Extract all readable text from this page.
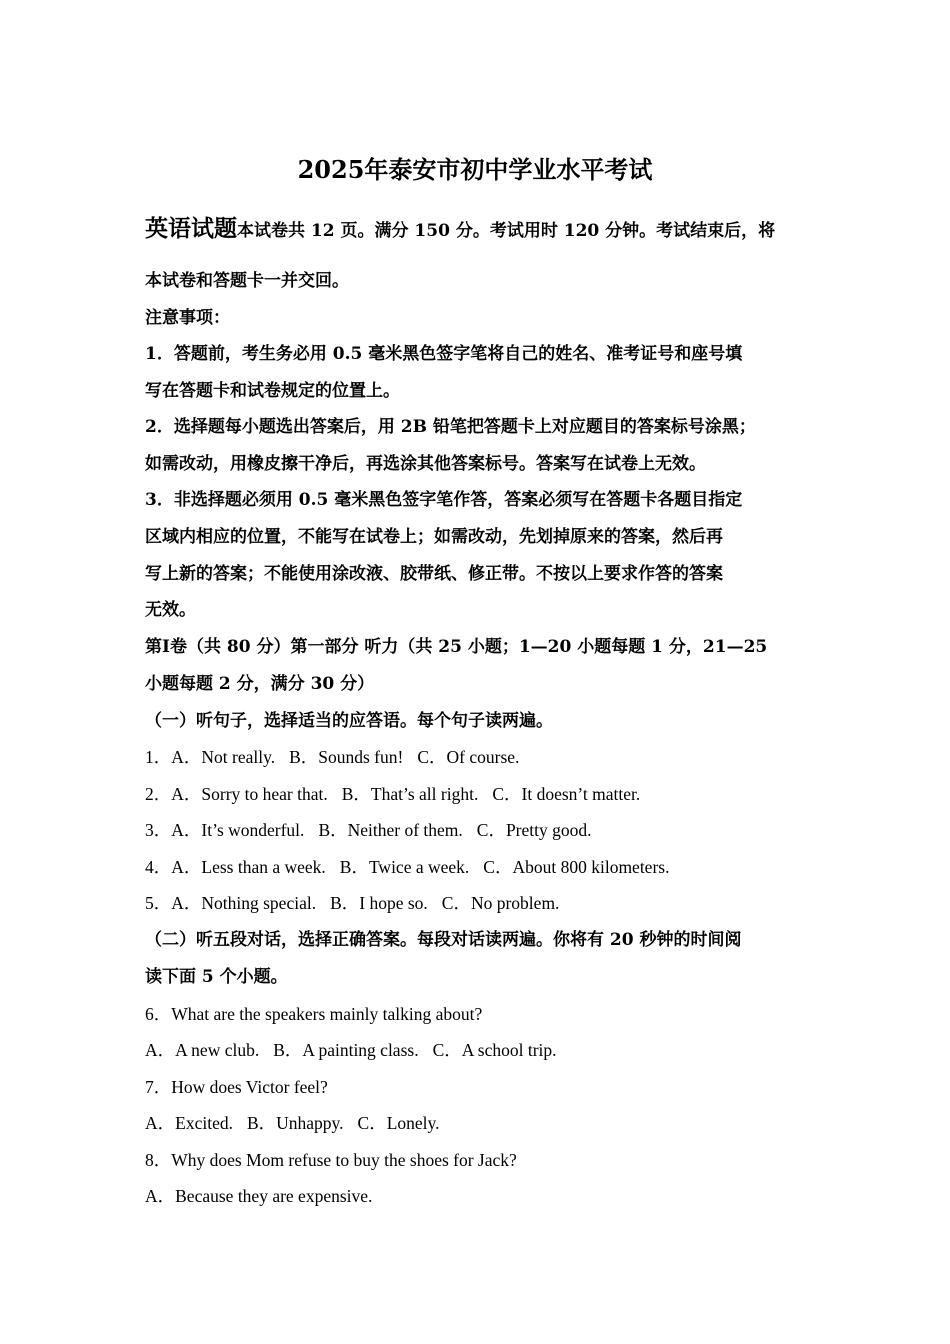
2025年泰安市初中学业水平考试
英语试题本试卷共 12 页。满分 150 分。考试用时 120 分钟。考试结束后，将
本试卷和答题卡一并交回。
注意事项：
1．答题前，考生务必用 0.5 毫米黑色签字笔将自己的姓名、准考证号和座号填
写在答题卡和试卷规定的位置上。
2．选择题每小题选出答案后，用 2B 铅笔把答题卡上对应题目的答案标号涂黑；
如需改动，用橡皮擦干净后，再选涂其他答案标号。答案写在试卷上无效。
3．非选择题必须用 0.5 毫米黑色签字笔作答，答案必须写在答题卡各题目指定
区域内相应的位置，不能写在试卷上；如需改动，先划掉原来的答案，然后再
写上新的答案；不能使用涂改液、胶带纸、修正带。不按以上要求作答的答案
无效。
第Ⅰ卷（共 80 分）第一部分 听力（共 25 小题；1—20 小题每题 1 分，21—25
小题每题 2 分，满分 30 分）
（一）听句子，选择适当的应答语。每个句子读两遍。
1．A．Not really. B．Sounds fun! C．Of course.
2．A．Sorry to hear that. B．That’s all right. C．It doesn’t matter.
3．A．It’s wonderful. B．Neither of them. C．Pretty good.
4．A．Less than a week. B．Twice a week. C．About 800 kilometers.
5．A．Nothing special. B．I hope so. C．No problem.
（二）听五段对话，选择正确答案。每段对话读两遍。你将有 20 秒钟的时间阅
读下面 5 个小题。
6．What are the speakers mainly talking about?
A．A new club. B．A painting class. C．A school trip.
7．How does Victor feel?
A．Excited. B．Unhappy. C．Lonely.
8．Why does Mom refuse to buy the shoes for Jack?
A．Because they are expensive.
